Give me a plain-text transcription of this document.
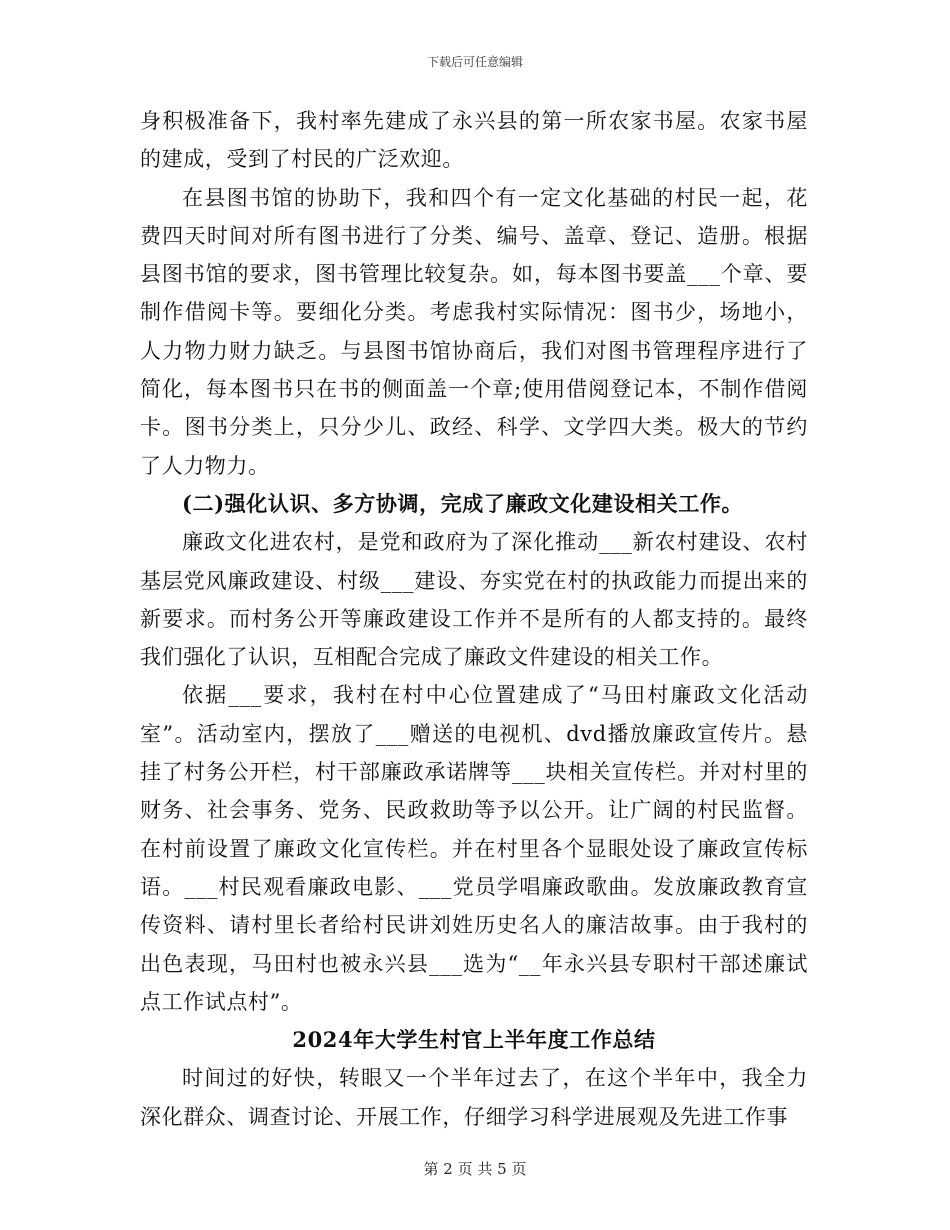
下载后可任意编辑

身积极准备下，我村率先建成了永兴县的第一所农家书屋。农家书屋的建成，受到了村民的广泛欢迎。

在县图书馆的协助下，我和四个有一定文化基础的村民一起，花费四天时间对所有图书进行了分类、编号、盖章、登记、造册。根据县图书馆的要求，图书管理比较复杂。如，每本图书要盖___个章、要制作借阅卡等。要细化分类。考虑我村实际情况：图书少，场地小，人力物力财力缺乏。与县图书馆协商后，我们对图书管理程序进行了简化，每本图书只在书的侧面盖一个章;使用借阅登记本，不制作借阅卡。图书分类上，只分少儿、政经、科学、文学四大类。极大的节约了人力物力。

(二)强化认识、多方协调，完成了廉政文化建设相关工作。

廉政文化进农村，是党和政府为了深化推动___新农村建设、农村基层党风廉政建设、村级___建设、夯实党在村的执政能力而提出来的新要求。而村务公开等廉政建设工作并不是所有的人都支持的。最终我们强化了认识，互相配合完成了廉政文件建设的相关工作。

依据___要求，我村在村中心位置建成了“马田村廉政文化活动室”。活动室内，摆放了___赠送的电视机、dvd播放廉政宣传片。悬挂了村务公开栏，村干部廉政承诺牌等___块相关宣传栏。并对村里的财务、社会事务、党务、民政救助等予以公开。让广阔的村民监督。在村前设置了廉政文化宣传栏。并在村里各个显眼处设了廉政宣传标语。___村民观看廉政电影、___党员学唱廉政歌曲。发放廉政教育宣传资料、请村里长者给村民讲刘姓历史名人的廉洁故事。由于我村的出色表现，马田村也被永兴县___选为“__年永兴县专职村干部述廉试点工作试点村”。

2024年大学生村官上半年度工作总结

时间过的好快，转眼又一个半年过去了，在这个半年中，我全力深化群众、调查讨论、开展工作，仔细学习科学进展观及先进工作事

第 2 页 共 5 页
